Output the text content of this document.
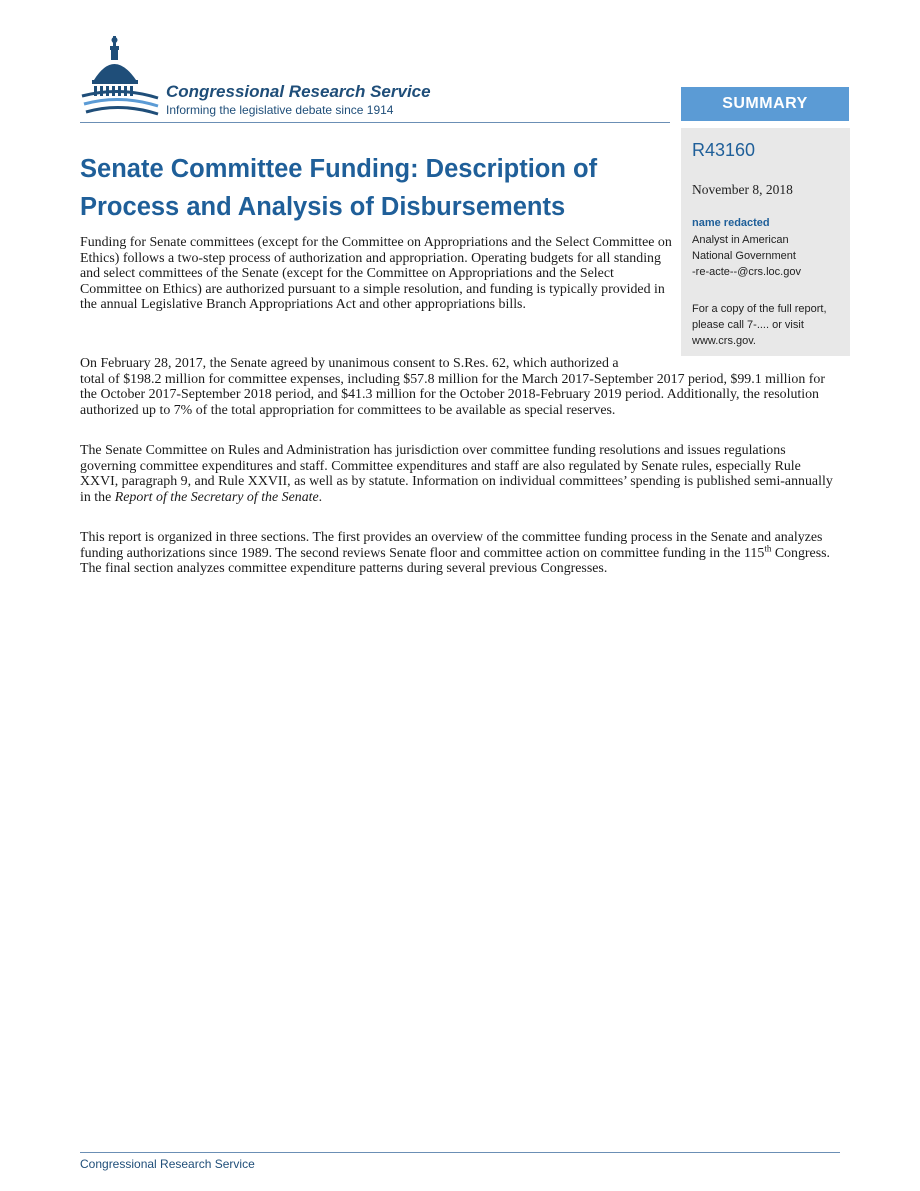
Congressional Research Service
Informing the legislative debate since 1914	SUMMARY
R43160
November 8, 2018
name redacted
Analyst in American
National Government
-re-acte--@crs.loc.gov
For a copy of the full report, please call 7-.... or visit www.crs.gov.
Senate Committee Funding: Description of Process and Analysis of Disbursements

Funding for Senate committees (except for the Committee on Appropriations and the Select Committee on Ethics) follows a two-step process of authorization and appropriation. Operating budgets for all standing and select committees of the Senate (except for the Committee on Appropriations and the Select Committee on Ethics) are authorized pursuant to a simple resolution, and funding is typically provided in the annual Legislative Branch Appropriations Act and other appropriations bills.

On February 28, 2017, the Senate agreed by unanimous consent to S.Res. 62, which authorized a
total of $198.2 million for committee expenses, including $57.8 million for the March 2017-September 2017 period, $99.1 million for the October 2017-September 2018 period, and $41.3 million for the October 2018-February 2019 period. Additionally, the resolution authorized up to 7% of the total appropriation for committees to be available as special reserves.

The Senate Committee on Rules and Administration has jurisdiction over committee funding resolutions and issues regulations governing committee expenditures and staff. Committee expenditures and staff are also regulated by Senate rules, especially Rule XXVI, paragraph 9, and Rule XXVII, as well as by statute. Information on individual committees’ spending is published semi-annually in the Report of the Secretary of the Senate.

This report is organized in three sections. The first provides an overview of the committee funding process in the Senate and analyzes funding authorizations since 1989. The second reviews Senate floor and committee action on committee funding in the 115th Congress. The final section analyzes committee expenditure patterns during several previous Congresses.

Congressional Research Service
